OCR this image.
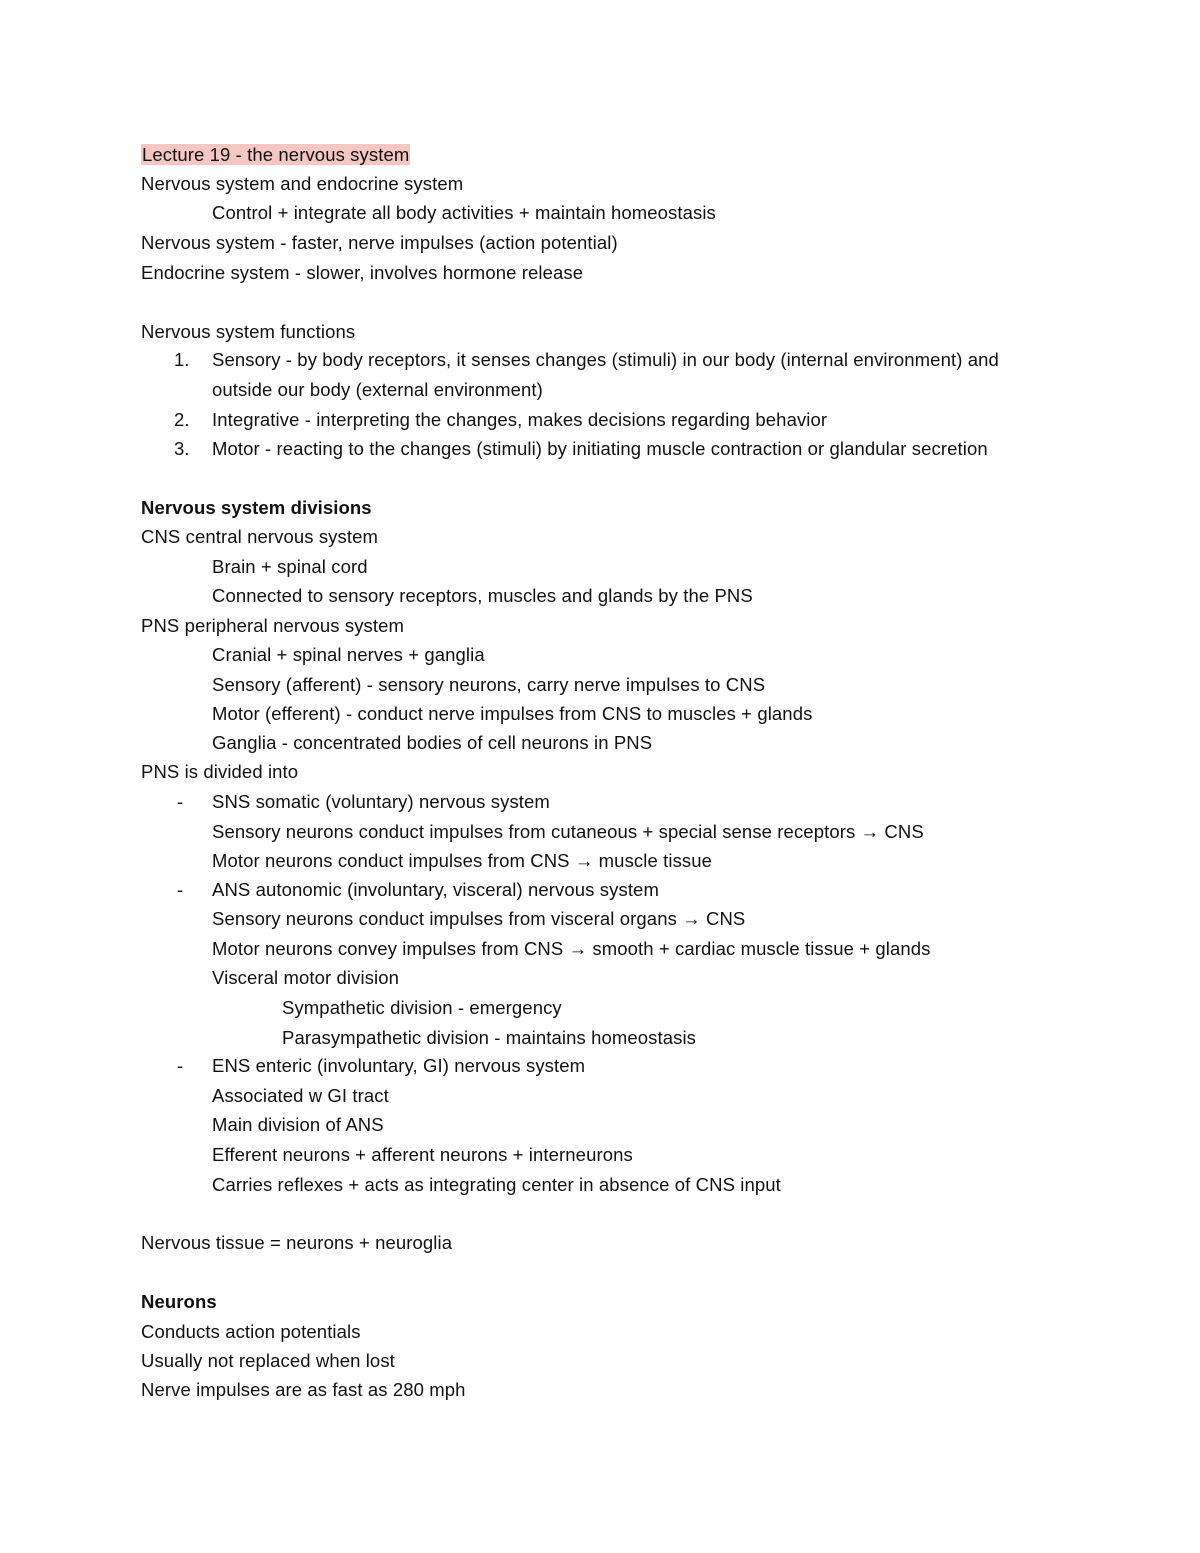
Lecture 19 - the nervous system
Nervous system and endocrine system
Control + integrate all body activities + maintain homeostasis
Nervous system - faster, nerve impulses (action potential)
Endocrine system - slower, involves hormone release
Nervous system functions
1. Sensory - by body receptors, it senses changes (stimuli) in our body (internal environment) and
outside our body (external environment)
2. Integrative - interpreting the changes, makes decisions regarding behavior
3. Motor - reacting to the changes (stimuli) by initiating muscle contraction or glandular secretion
Nervous system divisions
CNS central nervous system
Brain + spinal cord
Connected to sensory receptors, muscles and glands by the PNS
PNS peripheral nervous system
Cranial + spinal nerves + ganglia
Sensory (afferent) - sensory neurons, carry nerve impulses to CNS
Motor (efferent) - conduct nerve impulses from CNS to muscles + glands
Ganglia - concentrated bodies of cell neurons in PNS
PNS is divided into
- SNS somatic (voluntary) nervous system
Sensory neurons conduct impulses from cutaneous + special sense receptors → CNS
Motor neurons conduct impulses from CNS → muscle tissue
- ANS autonomic (involuntary, visceral) nervous system
Sensory neurons conduct impulses from visceral organs → CNS
Motor neurons convey impulses from CNS → smooth + cardiac muscle tissue + glands
Visceral motor division
Sympathetic division - emergency
Parasympathetic division - maintains homeostasis
- ENS enteric (involuntary, GI) nervous system
Associated w GI tract
Main division of ANS
Efferent neurons + afferent neurons + interneurons
Carries reflexes + acts as integrating center in absence of CNS input
Nervous tissue = neurons + neuroglia
Neurons
Conducts action potentials
Usually not replaced when lost
Nerve impulses are as fast as 280 mph
